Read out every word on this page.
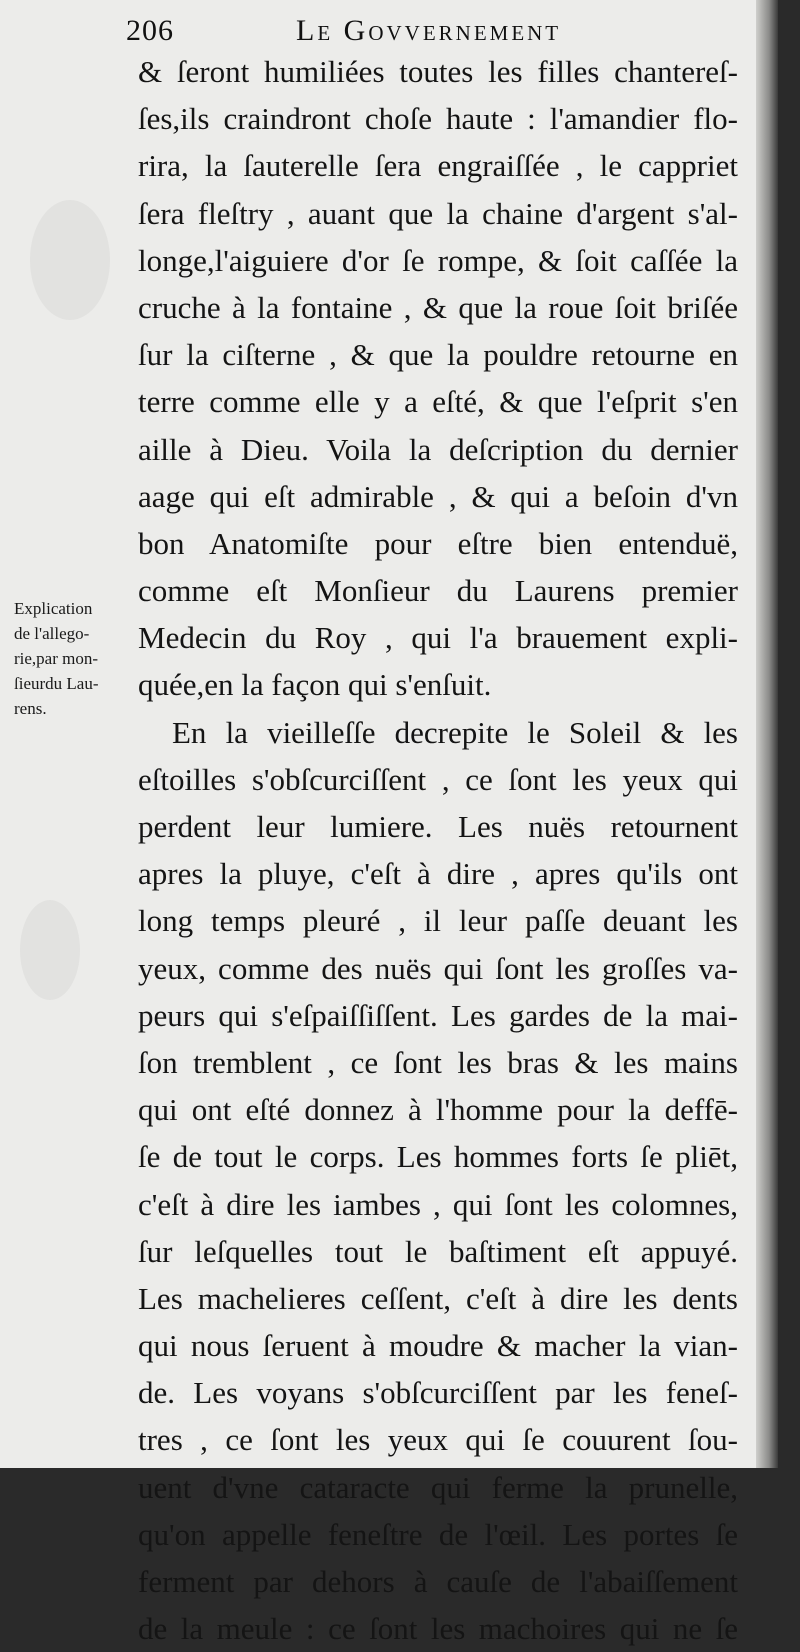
206	Le Govvernement
Explication
de l'allego-
rie,par mon-
ſieurdu Lau-
rens.
& ſeront humiliées toutes les filles chantereſ-
ſes,ils craindront choſe haute : l'amandier flo-
rira, la ſauterelle ſera engraiſſée , le cappriet
ſera fleſtry , auant que la chaine d'argent s'al-
longe,l'aiguiere d'or ſe rompe, & ſoit caſſée la
cruche à la fontaine , & que la roue ſoit briſée
ſur la ciſterne , & que la pouldre retourne en
terre comme elle y a eſté, & que l'eſprit s'en
aille à Dieu. Voila la deſcription du dernier
aage qui eſt admirable , & qui a beſoin d'vn
bon Anatomiſte pour eſtre bien entenduë,
comme eſt Monſieur du Laurens premier
Medecin du Roy , qui l'a brauement expli-
quée,en la façon qui s'enſuit.
En la vieilleſſe decrepite le Soleil & les
eſtoilles s'obſcurciſſent , ce ſont les yeux qui
perdent leur lumiere. Les nuës retournent
apres la pluye, c'eſt à dire , apres qu'ils ont
long temps pleuré , il leur paſſe deuant les
yeux, comme des nuës qui ſont les groſſes va-
peurs qui s'eſpaiſſiſſent. Les gardes de la mai-
ſon tremblent , ce ſont les bras & les mains
qui ont eſté donnez à l'homme pour la deffē-
ſe de tout le corps. Les hommes forts ſe pliēt,
c'eſt à dire les iambes , qui ſont les colomnes,
ſur leſquelles tout le baſtiment eſt appuyé.
Les machelieres ceſſent, c'eſt à dire les dents
qui nous ſeruent à moudre & macher la vian-
de. Les voyans s'obſcurciſſent par les feneſ-
tres , ce ſont les yeux qui ſe couurent ſou-
uent d'vne cataracte qui ferme la prunelle,
qu'on appelle feneſtre de l'œil. Les portes ſe
ferment par dehors à cauſe de l'abaiſſement
de la meule : ce ſont les machoires qui ne ſe
